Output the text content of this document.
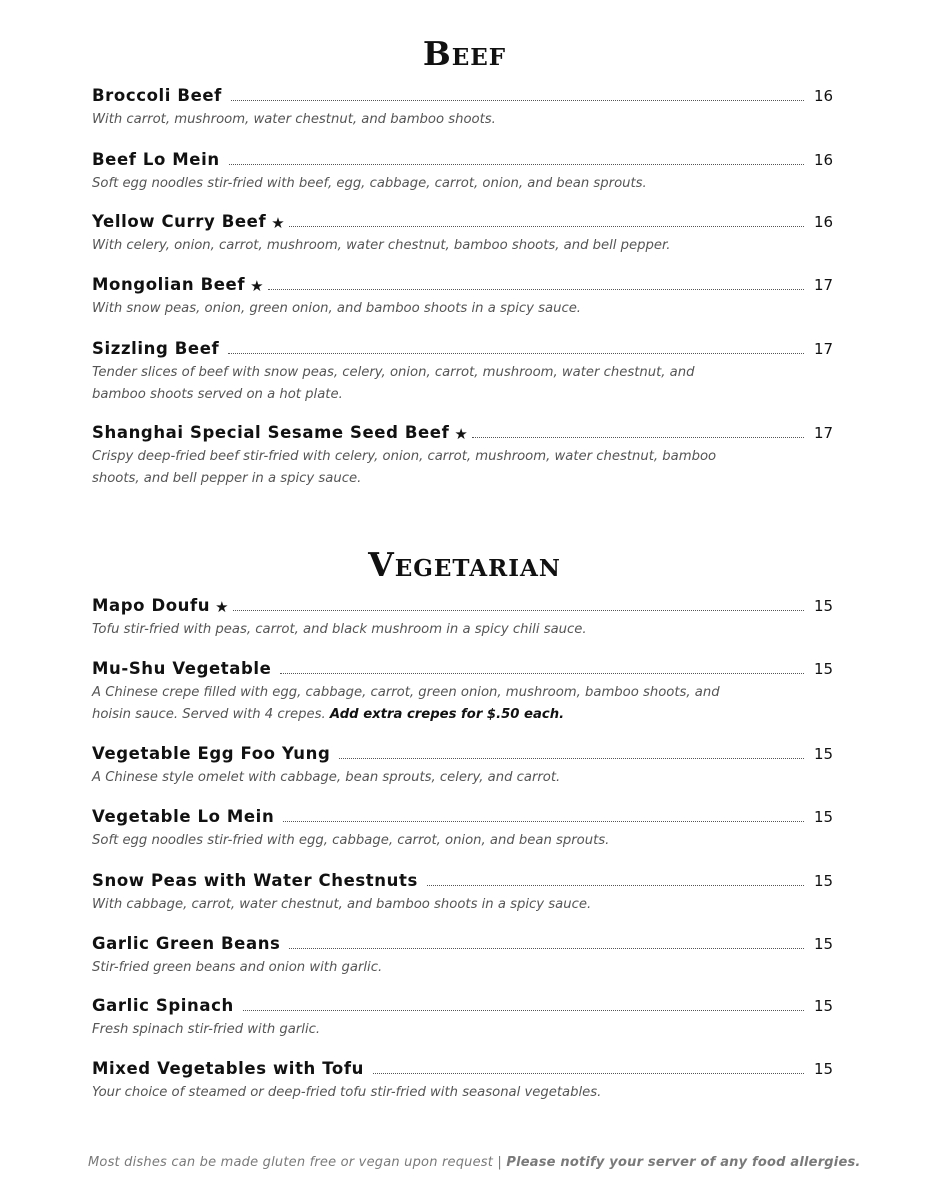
Beef
Broccoli Beef	16
With carrot, mushroom, water chestnut, and bamboo shoots.
Beef Lo Mein	16
Soft egg noodles stir-fried with beef, egg, cabbage, carrot, onion, and bean sprouts.
Yellow Curry Beef ★	16
With celery, onion, carrot, mushroom, water chestnut, bamboo shoots, and bell pepper.
Mongolian Beef ★	17
With snow peas, onion, green onion, and bamboo shoots in a spicy sauce.
Sizzling Beef	17
Tender slices of beef with snow peas, celery, onion, carrot, mushroom, water chestnut, and bamboo shoots served on a hot plate.
Shanghai Special Sesame Seed Beef ★	17
Crispy deep-fried beef stir-fried with celery, onion, carrot, mushroom, water chestnut, bamboo shoots, and bell pepper in a spicy sauce.
Vegetarian
Mapo Doufu ★	15
Tofu stir-fried with peas, carrot, and black mushroom in a spicy chili sauce.
Mu-Shu Vegetable	15
A Chinese crepe filled with egg, cabbage, carrot, green onion, mushroom, bamboo shoots, and hoisin sauce. Served with 4 crepes. Add extra crepes for $.50 each.
Vegetable Egg Foo Yung	15
A Chinese style omelet with cabbage, bean sprouts, celery, and carrot.
Vegetable Lo Mein	15
Soft egg noodles stir-fried with egg, cabbage, carrot, onion, and bean sprouts.
Snow Peas with Water Chestnuts	15
With cabbage, carrot, water chestnut, and bamboo shoots in a spicy sauce.
Garlic Green Beans	15
Stir-fried green beans and onion with garlic.
Garlic Spinach	15
Fresh spinach stir-fried with garlic.
Mixed Vegetables with Tofu	15
Your choice of steamed or deep-fried tofu stir-fried with seasonal vegetables.
Most dishes can be made gluten free or vegan upon request | Please notify your server of any food allergies.
